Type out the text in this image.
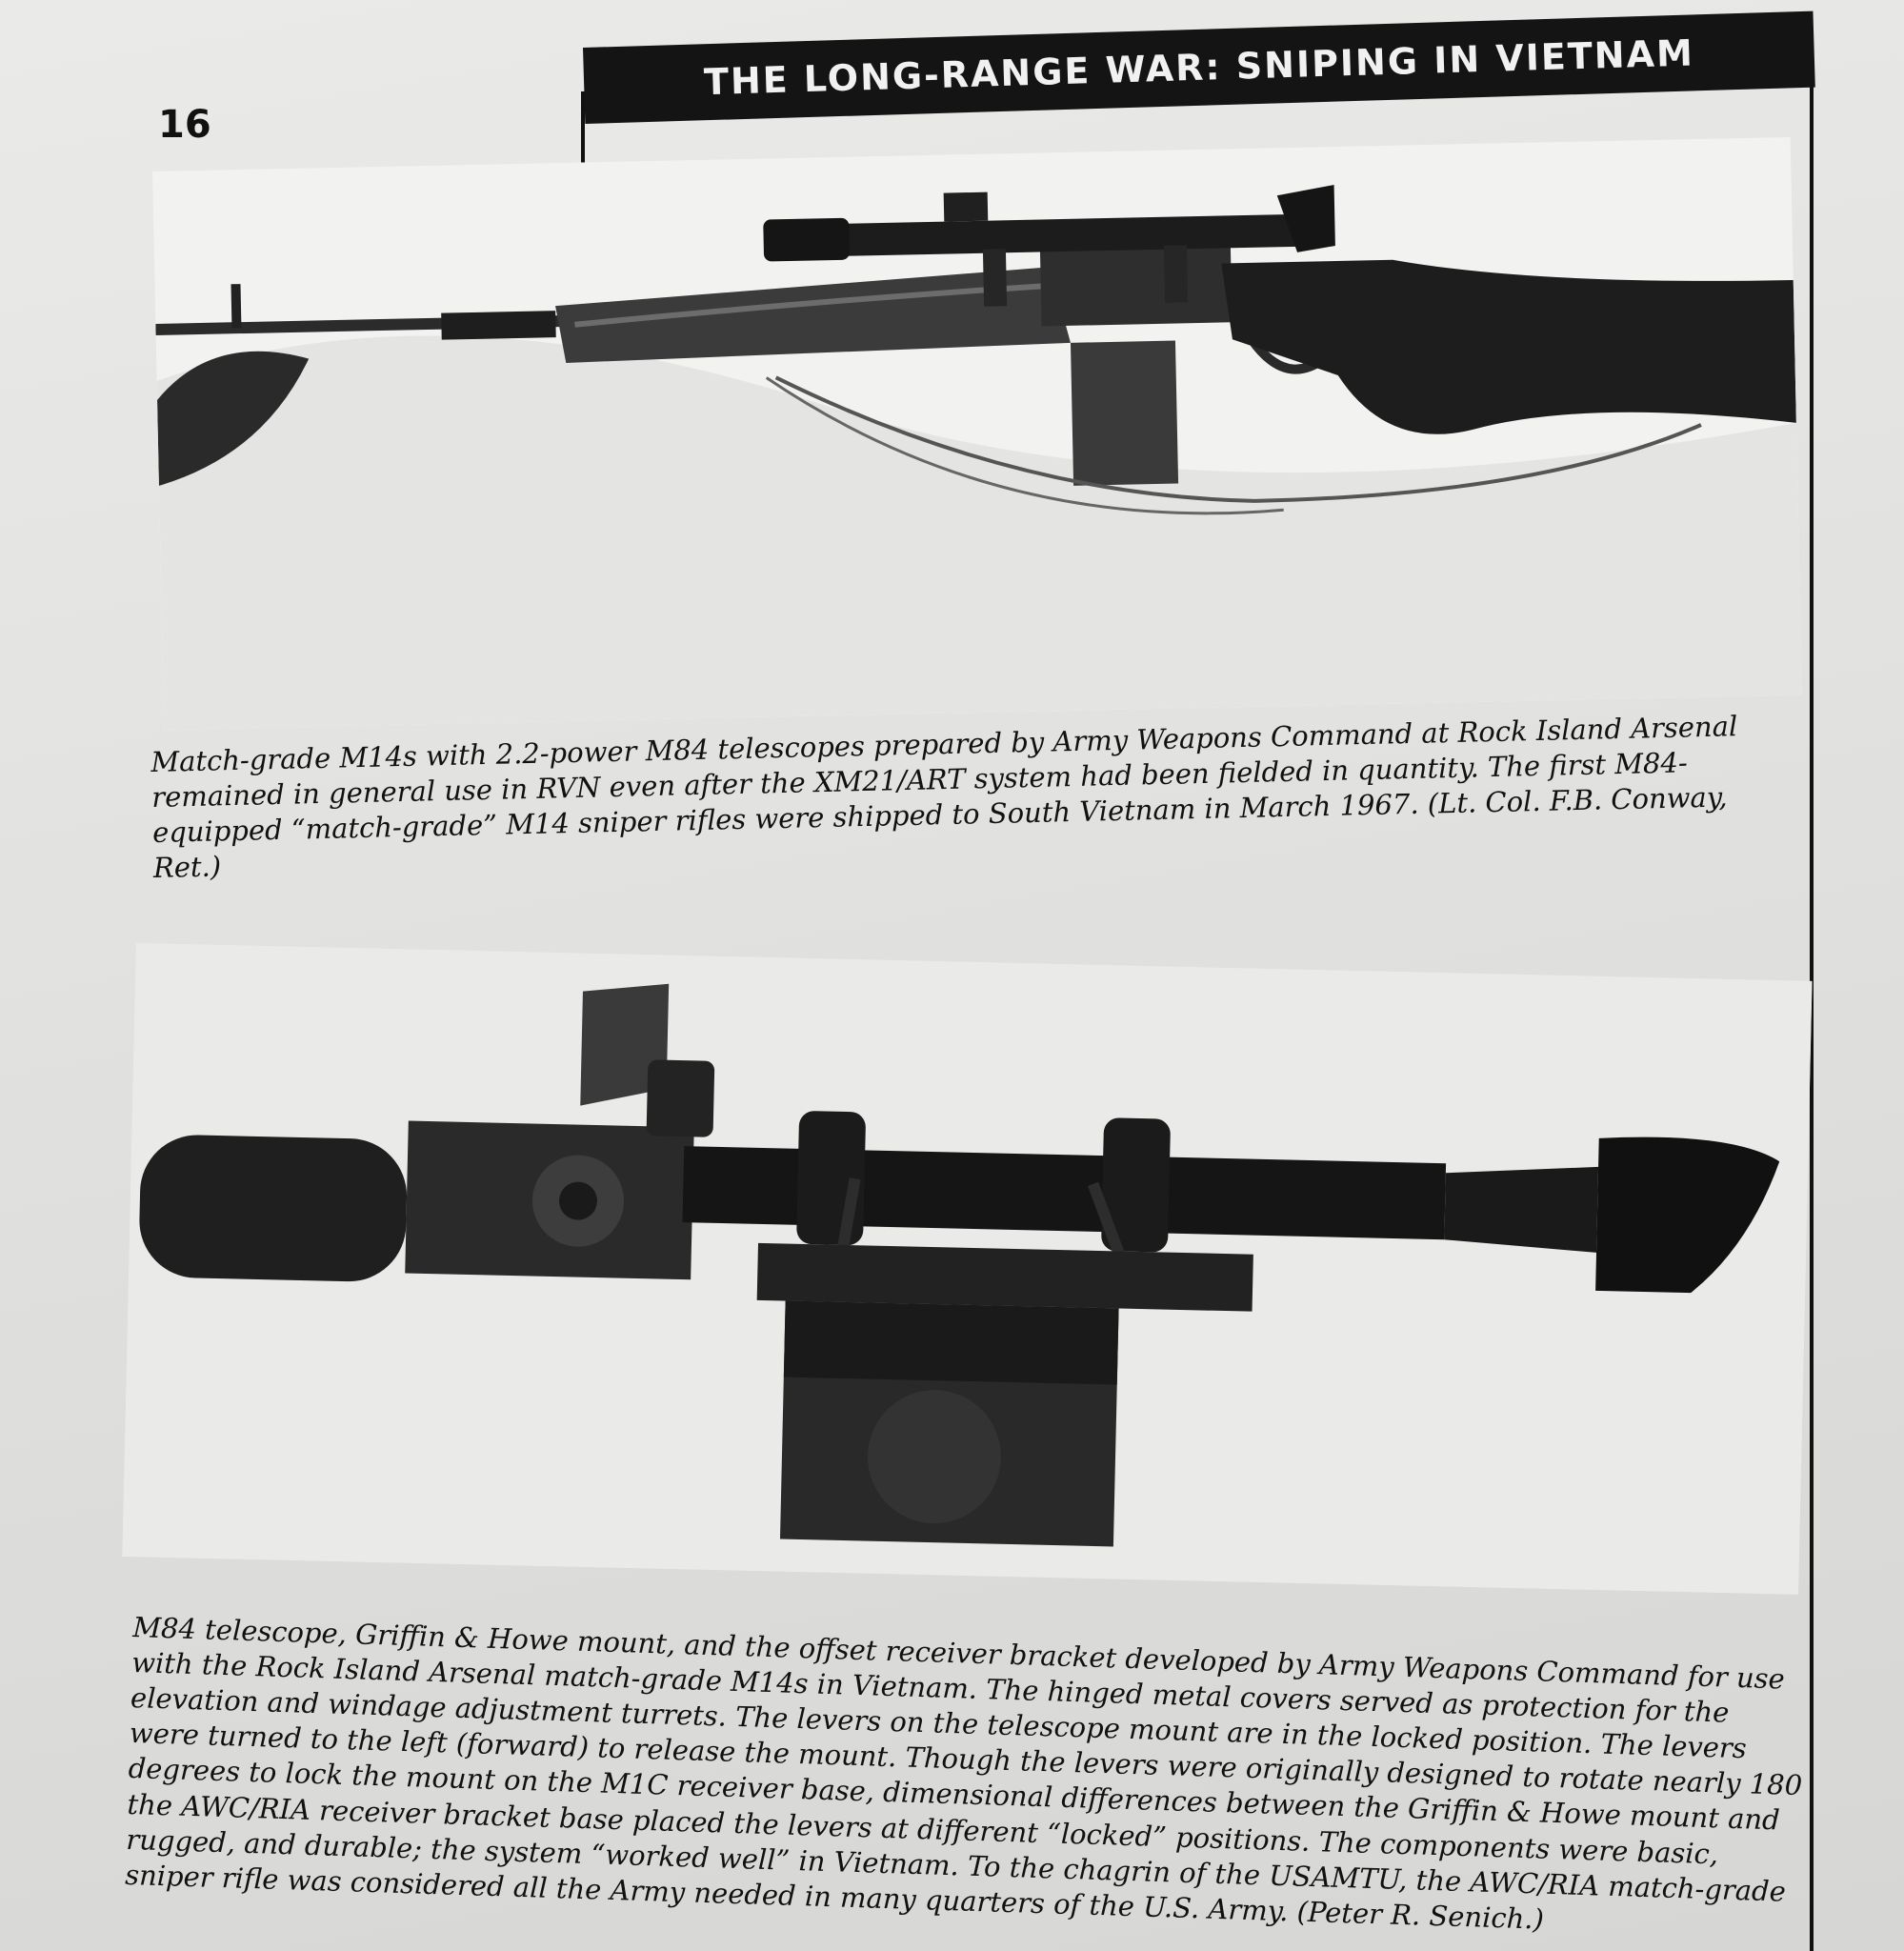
16
THE LONG-RANGE WAR: SNIPING IN VIETNAM
Match-grade M14s with 2.2-power M84 telescopes prepared by Army Weapons Command at Rock Island Arsenal remained in general use in RVN even after the XM21/ART system had been fielded in quantity. The first M84-equipped “match-grade” M14 sniper rifles were shipped to South Vietnam in March 1967. (Lt. Col. F.B. Conway, Ret.)
M84 telescope, Griffin & Howe mount, and the offset receiver bracket developed by Army Weapons Command for use with the Rock Island Arsenal match-grade M14s in Vietnam. The hinged metal covers served as protection for the elevation and windage adjustment turrets. The levers on the telescope mount are in the locked position. The levers were turned to the left (forward) to release the mount. Though the levers were originally designed to rotate nearly 180 degrees to lock the mount on the M1C receiver base, dimensional differences between the Griffin & Howe mount and the AWC/RIA receiver bracket base placed the levers at different “locked” positions. The components were basic, rugged, and durable; the system “worked well” in Vietnam. To the chagrin of the USAMTU, the AWC/RIA match-grade sniper rifle was considered all the Army needed in many quarters of the U.S. Army. (Peter R. Senich.)
